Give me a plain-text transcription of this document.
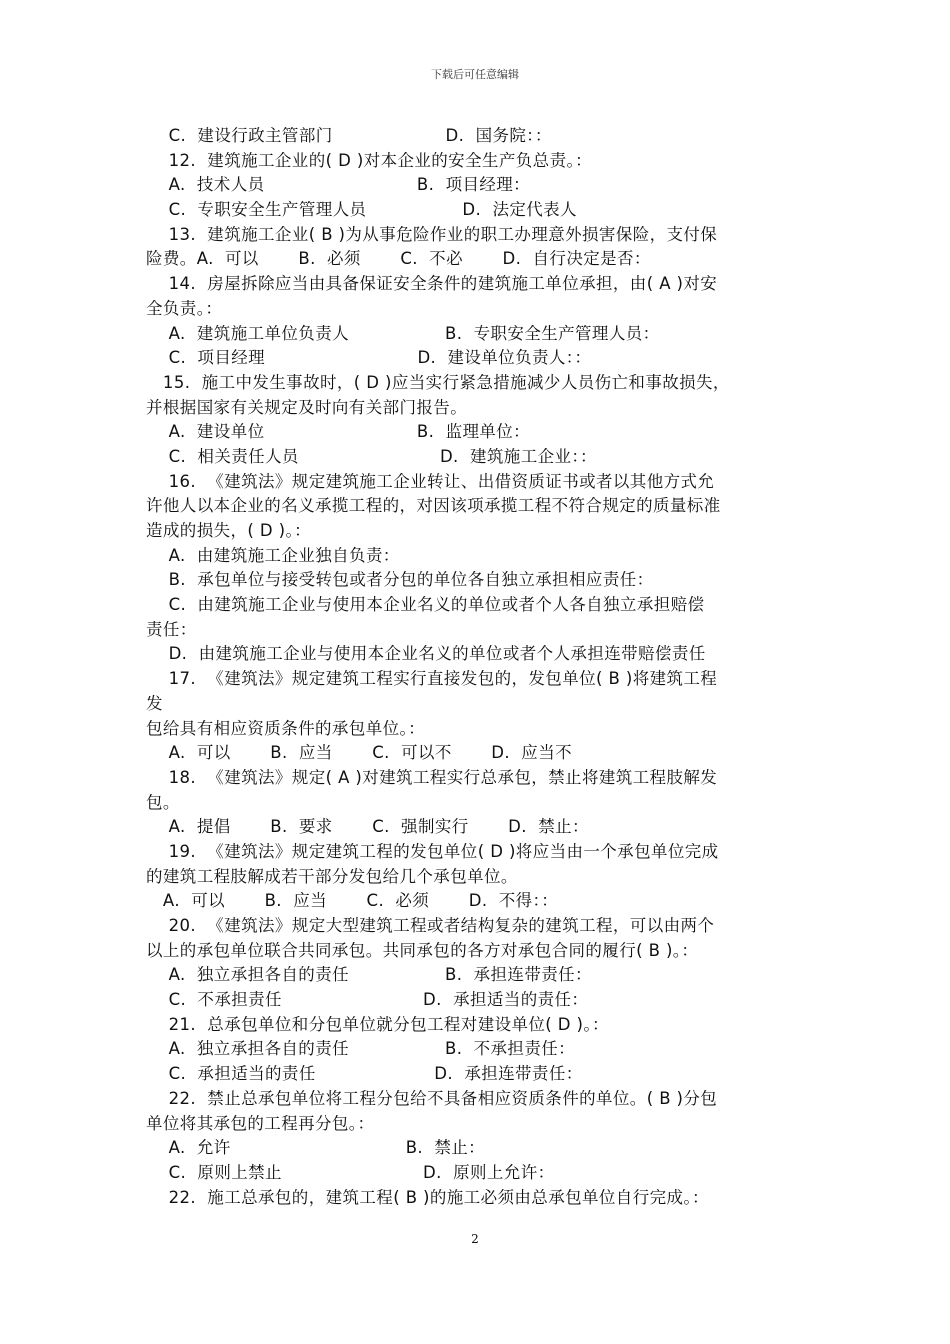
下载后可任意编辑
C.  建设行政主管部门                    D.  国务院：：
12.  建筑施工企业的( D )对本企业的安全生产负总责。：
A.  技术人员                           B.  项目经理：
C.  专职安全生产管理人员                 D.  法定代表人
13.  建筑施工企业( B )为从事危险作业的职工办理意外损害保险，支付保
险费。A.  可以       B.  必须       C.  不必       D.  自行决定是否：
14.  房屋拆除应当由具备保证安全条件的建筑施工单位承担，由( A )对安
全负责。：
A.  建筑施工单位负责人                 B.  专职安全生产管理人员：
C.  项目经理                           D.  建设单位负责人：：
15.  施工中发生事故时，( D )应当实行紧急措施减少人员伤亡和事故损失，
并根据国家有关规定及时向有关部门报告。
A.  建设单位                           B.  监理单位：
C.  相关责任人员                         D.  建筑施工企业：：
16.  《建筑法》规定建筑施工企业转让、出借资质证书或者以其他方式允
许他人以本企业的名义承揽工程的，对因该项承揽工程不符合规定的质量标准
造成的损失，( D )。：
A.  由建筑施工企业独自负责：
B.  承包单位与接受转包或者分包的单位各自独立承担相应责任：
C.  由建筑施工企业与使用本企业名义的单位或者个人各自独立承担赔偿
责任：
D.  由建筑施工企业与使用本企业名义的单位或者个人承担连带赔偿责任
17.  《建筑法》规定建筑工程实行直接发包的，发包单位( B )将建筑工程
发
包给具有相应资质条件的承包单位。：
A.  可以       B.  应当       C.  可以不       D.  应当不
18.  《建筑法》规定( A )对建筑工程实行总承包，禁止将建筑工程肢解发
包。
A.  提倡       B.  要求       C.  强制实行       D.  禁止：
19.  《建筑法》规定建筑工程的发包单位( D )将应当由一个承包单位完成
的建筑工程肢解成若干部分发包给几个承包单位。
A.  可以       B.  应当       C.  必须       D.  不得：：
20.  《建筑法》规定大型建筑工程或者结构复杂的建筑工程，可以由两个
以上的承包单位联合共同承包。共同承包的各方对承包合同的履行( B )。：
A.  独立承担各自的责任                 B.  承担连带责任：
C.  不承担责任                         D.  承担适当的责任：
21.  总承包单位和分包单位就分包工程对建设单位( D )。：
A.  独立承担各自的责任                 B.  不承担责任：
C.  承担适当的责任                     D.  承担连带责任：
22.  禁止总承包单位将工程分包给不具备相应资质条件的单位。( B )分包
单位将其承包的工程再分包。：
A.  允许                               B.  禁止：
C.  原则上禁止                         D.  原则上允许：
22.  施工总承包的，建筑工程( B )的施工必须由总承包单位自行完成。：
2
